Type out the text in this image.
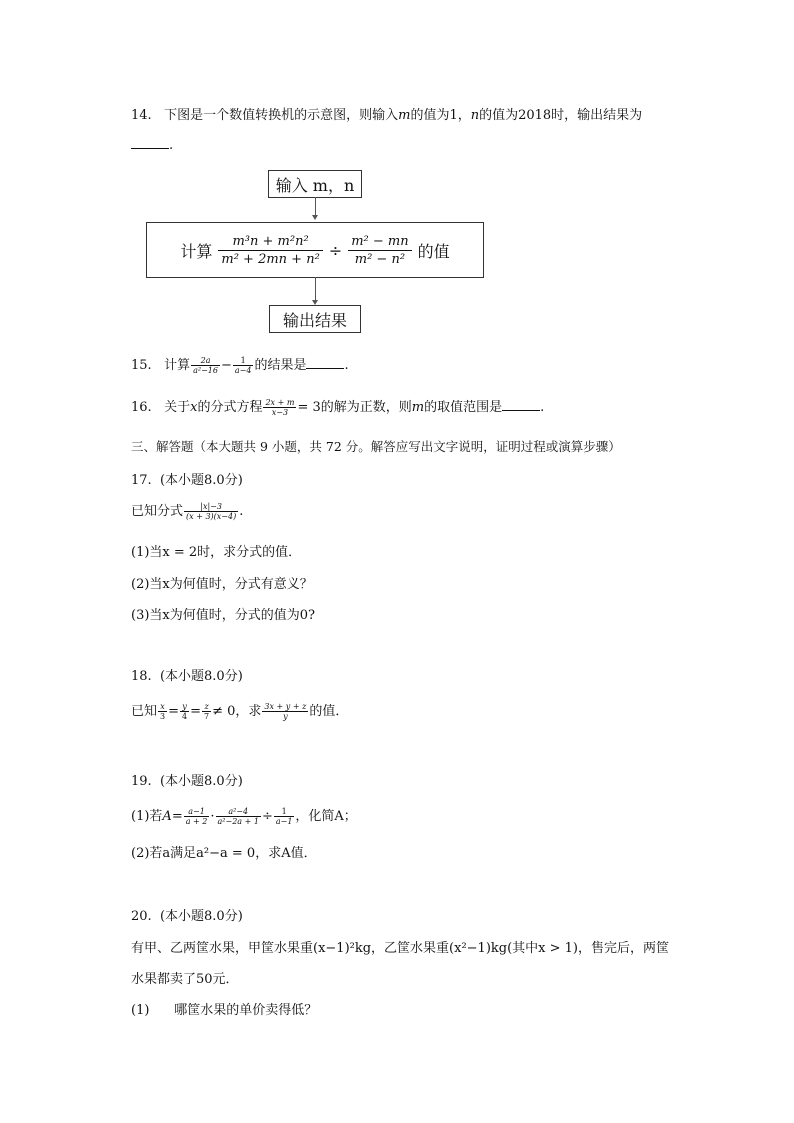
14. 下图是一个数值转换机的示意图，则输入m的值为1，n的值为2018时，输出结果为
.
输入 m，n
计算 $\frac{\text{m³n + m²n²}}{\text{m² + 2mn + n²}} \div \frac{\text{m² − mn}}{\text{m² − n²}}$ 的值
输出结果
15. 计算 $\frac{2a}{\text{a²−16}} - \frac{1}{a-4}$ 的结果是	.
16. 关于x的分式方程 $\frac{2x + m}{x-3} = 3$的解为正数，则m的取值范围是	.
三、解答题（本大题共 9 小题，共 72 分。解答应写出文字说明，证明过程或演算步骤）
17. (本小题8.0分)
已知分式 $\frac{|x|-3}{(x + 3)(x-4)}$ .
(1)当x = 2时，求分式的值．
(2)当x为何值时，分式有意义？
(3)当x为何值时，分式的值为0?
18. (本小题8.0分)
已知 $\frac{x}{3} = \frac{y}{4} = \frac{z}{7} \ne 0$，求 $\frac{3x + y + z}{y}$ 的值．
19. (本小题8.0分)
(1)若$A= \frac{a-1}{a + 2} \cdot \frac{\text{a²−4}}{\text{a²−2a + 1}} \div \frac{1}{a-1}$ ，化简A；
(2)若a满足a²−a = 0，求A值．
20. (本小题8.0分)
有甲、乙两筐水果，甲筐水果重(x−1)²kg，乙筐水果重(x²−1)kg(其中x > 1)，售完后，两筐
水果都卖了50元．
(1) 哪筐水果的单价卖得低？
